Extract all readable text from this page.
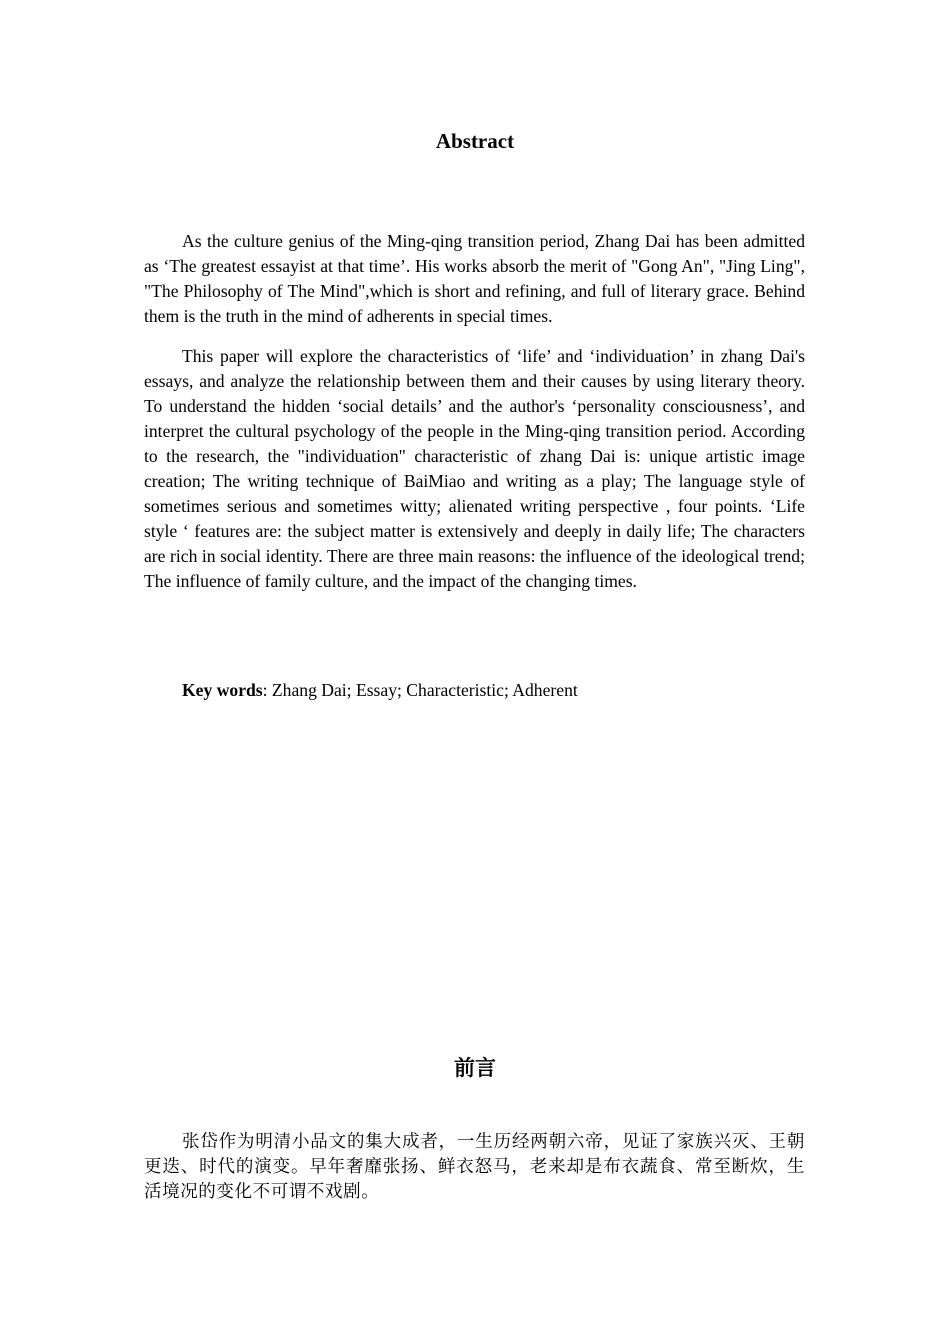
Abstract

As the culture genius of the Ming-qing transition period, Zhang Dai has been admitted as ‘The greatest essayist at that time’. His works absorb the merit of "Gong An", "Jing Ling", "The Philosophy of The Mind",which is short and refining, and full of literary grace. Behind them is the truth in the mind of adherents in special times.

This paper will explore the characteristics of ‘life’ and ‘individuation’ in zhang Dai's essays, and analyze the relationship between them and their causes by using literary theory. To understand the hidden ‘social details’ and the author's ‘personality consciousness’, and interpret the cultural psychology of the people in the Ming-qing transition period. According to the research, the "individuation" characteristic of zhang Dai is: unique artistic image creation; The writing technique of BaiMiao and writing as a play; The language style of sometimes serious and sometimes witty; alienated writing perspective , four points. ‘Life style ‘ features are: the subject matter is extensively and deeply in daily life; The characters are rich in social identity. There are three main reasons: the influence of the ideological trend; The influence of family culture, and the impact of the changing times.

Key words: Zhang Dai; Essay; Characteristic; Adherent

前言

张岱作为明清小品文的集大成者，一生历经两朝六帝，见证了家族兴灭、王朝更迭、时代的演变。早年奢靡张扬、鲜衣怒马，老来却是布衣蔬食、常至断炊，生活境况的变化不可谓不戏剧。
